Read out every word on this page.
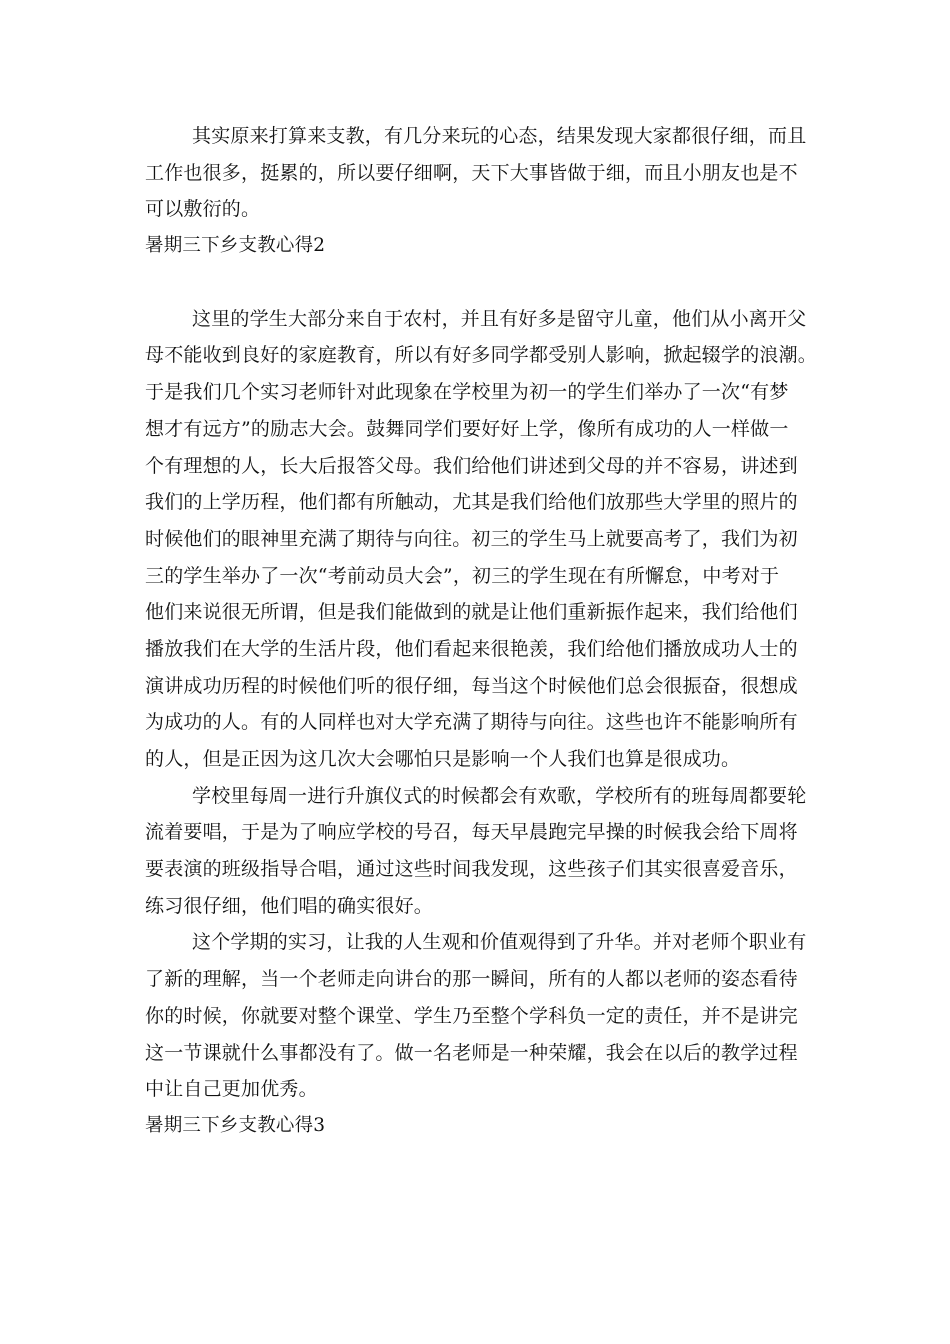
其实原来打算来支教，有几分来玩的心态，结果发现大家都很仔细，而且
工作也很多，挺累的，所以要仔细啊，天下大事皆做于细，而且小朋友也是不
可以敷衍的。
暑期三下乡支教心得2
这里的学生大部分来自于农村，并且有好多是留守儿童，他们从小离开父
母不能收到良好的家庭教育，所以有好多同学都受别人影响，掀起辍学的浪潮。
于是我们几个实习老师针对此现象在学校里为初一的学生们举办了一次“有梦
想才有远方”的励志大会。鼓舞同学们要好好上学，像所有成功的人一样做一
个有理想的人，长大后报答父母。我们给他们讲述到父母的并不容易，讲述到
我们的上学历程，他们都有所触动，尤其是我们给他们放那些大学里的照片的
时候他们的眼神里充满了期待与向往。初三的学生马上就要高考了，我们为初
三的学生举办了一次“考前动员大会”，初三的学生现在有所懈怠，中考对于
他们来说很无所谓，但是我们能做到的就是让他们重新振作起来，我们给他们
播放我们在大学的生活片段，他们看起来很艳羡，我们给他们播放成功人士的
演讲成功历程的时候他们听的很仔细，每当这个时候他们总会很振奋，很想成
为成功的人。有的人同样也对大学充满了期待与向往。这些也许不能影响所有
的人，但是正因为这几次大会哪怕只是影响一个人我们也算是很成功。
学校里每周一进行升旗仪式的时候都会有欢歌，学校所有的班每周都要轮
流着要唱，于是为了响应学校的号召，每天早晨跑完早操的时候我会给下周将
要表演的班级指导合唱，通过这些时间我发现，这些孩子们其实很喜爱音乐，
练习很仔细，他们唱的确实很好。
这个学期的实习，让我的人生观和价值观得到了升华。并对老师个职业有
了新的理解，当一个老师走向讲台的那一瞬间，所有的人都以老师的姿态看待
你的时候，你就要对整个课堂、学生乃至整个学科负一定的责任，并不是讲完
这一节课就什么事都没有了。做一名老师是一种荣耀，我会在以后的教学过程
中让自己更加优秀。
暑期三下乡支教心得3
